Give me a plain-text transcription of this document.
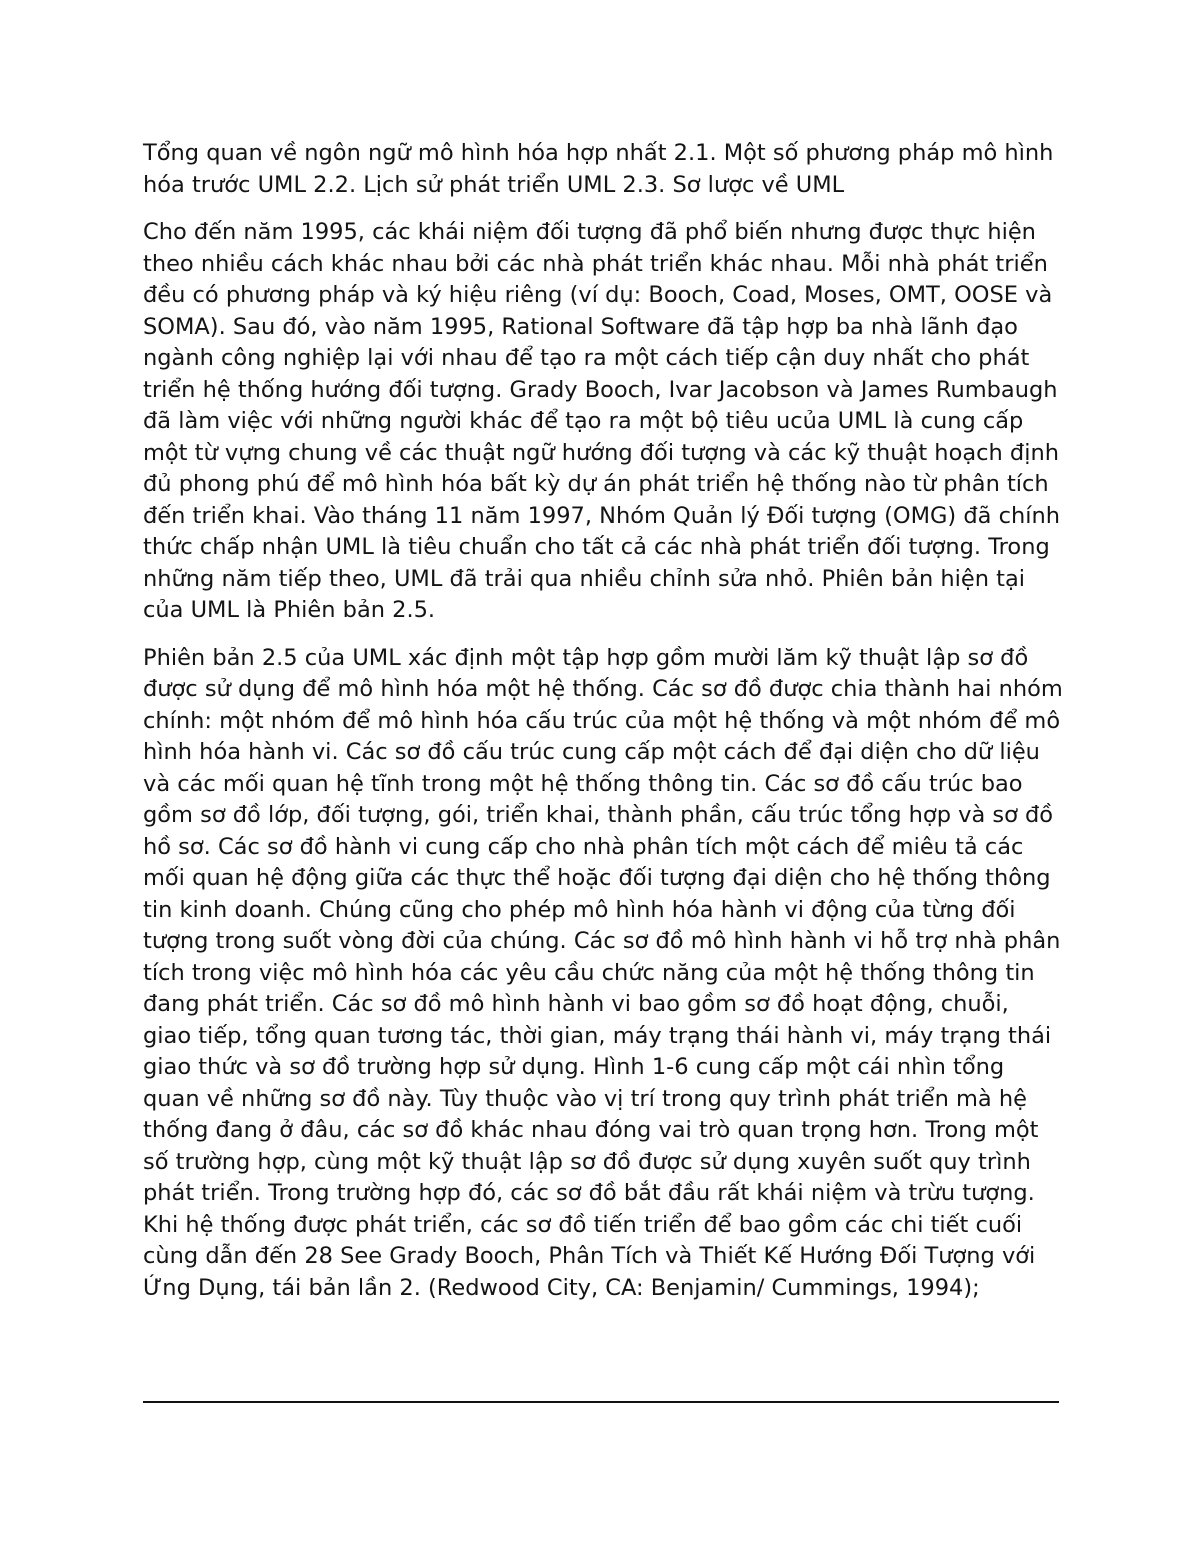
Tổng quan về ngôn ngữ mô hình hóa hợp nhất 2.1. Một số phương pháp mô hình hóa trước UML 2.2. Lịch sử phát triển UML 2.3. Sơ lược về UML

Cho đến năm 1995, các khái niệm đối tượng đã phổ biến nhưng được thực hiện theo nhiều cách khác nhau bởi các nhà phát triển khác nhau. Mỗi nhà phát triển đều có phương pháp và ký hiệu riêng (ví dụ: Booch, Coad, Moses, OMT, OOSE và SOMA). Sau đó, vào năm 1995, Rational Software đã tập hợp ba nhà lãnh đạo ngành công nghiệp lại với nhau để tạo ra một cách tiếp cận duy nhất cho phát triển hệ thống hướng đối tượng. Grady Booch, Ivar Jacobson và James Rumbaugh đã làm việc với những người khác để tạo ra một bộ tiêu ucủa UML là cung cấp một từ vựng chung về các thuật ngữ hướng đối tượng và các kỹ thuật hoạch định đủ phong phú để mô hình hóa bất kỳ dự án phát triển hệ thống nào từ phân tích đến triển khai. Vào tháng 11 năm 1997, Nhóm Quản lý Đối tượng (OMG) đã chính thức chấp nhận UML là tiêu chuẩn cho tất cả các nhà phát triển đối tượng. Trong những năm tiếp theo, UML đã trải qua nhiều chỉnh sửa nhỏ. Phiên bản hiện tại của UML là Phiên bản 2.5.

Phiên bản 2.5 của UML xác định một tập hợp gồm mười lăm kỹ thuật lập sơ đồ được sử dụng để mô hình hóa một hệ thống. Các sơ đồ được chia thành hai nhóm chính: một nhóm để mô hình hóa cấu trúc của một hệ thống và một nhóm để mô hình hóa hành vi. Các sơ đồ cấu trúc cung cấp một cách để đại diện cho dữ liệu và các mối quan hệ tĩnh trong một hệ thống thông tin. Các sơ đồ cấu trúc bao gồm sơ đồ lớp, đối tượng, gói, triển khai, thành phần, cấu trúc tổng hợp và sơ đồ hồ sơ. Các sơ đồ hành vi cung cấp cho nhà phân tích một cách để miêu tả các mối quan hệ động giữa các thực thể hoặc đối tượng đại diện cho hệ thống thông tin kinh doanh. Chúng cũng cho phép mô hình hóa hành vi động của từng đối tượng trong suốt vòng đời của chúng. Các sơ đồ mô hình hành vi hỗ trợ nhà phân tích trong việc mô hình hóa các yêu cầu chức năng của một hệ thống thông tin đang phát triển. Các sơ đồ mô hình hành vi bao gồm sơ đồ hoạt động, chuỗi, giao tiếp, tổng quan tương tác, thời gian, máy trạng thái hành vi, máy trạng thái giao thức và sơ đồ trường hợp sử dụng. Hình 1-6 cung cấp một cái nhìn tổng quan về những sơ đồ này. Tùy thuộc vào vị trí trong quy trình phát triển mà hệ thống đang ở đâu, các sơ đồ khác nhau đóng vai trò quan trọng hơn. Trong một số trường hợp, cùng một kỹ thuật lập sơ đồ được sử dụng xuyên suốt quy trình phát triển. Trong trường hợp đó, các sơ đồ bắt đầu rất khái niệm và trừu tượng. Khi hệ thống được phát triển, các sơ đồ tiến triển để bao gồm các chi tiết cuối cùng dẫn đến 28 See Grady Booch, Phân Tích và Thiết Kế Hướng Đối Tượng với Ứng Dụng, tái bản lần 2. (Redwood City, CA: Benjamin/ Cummings, 1994);
